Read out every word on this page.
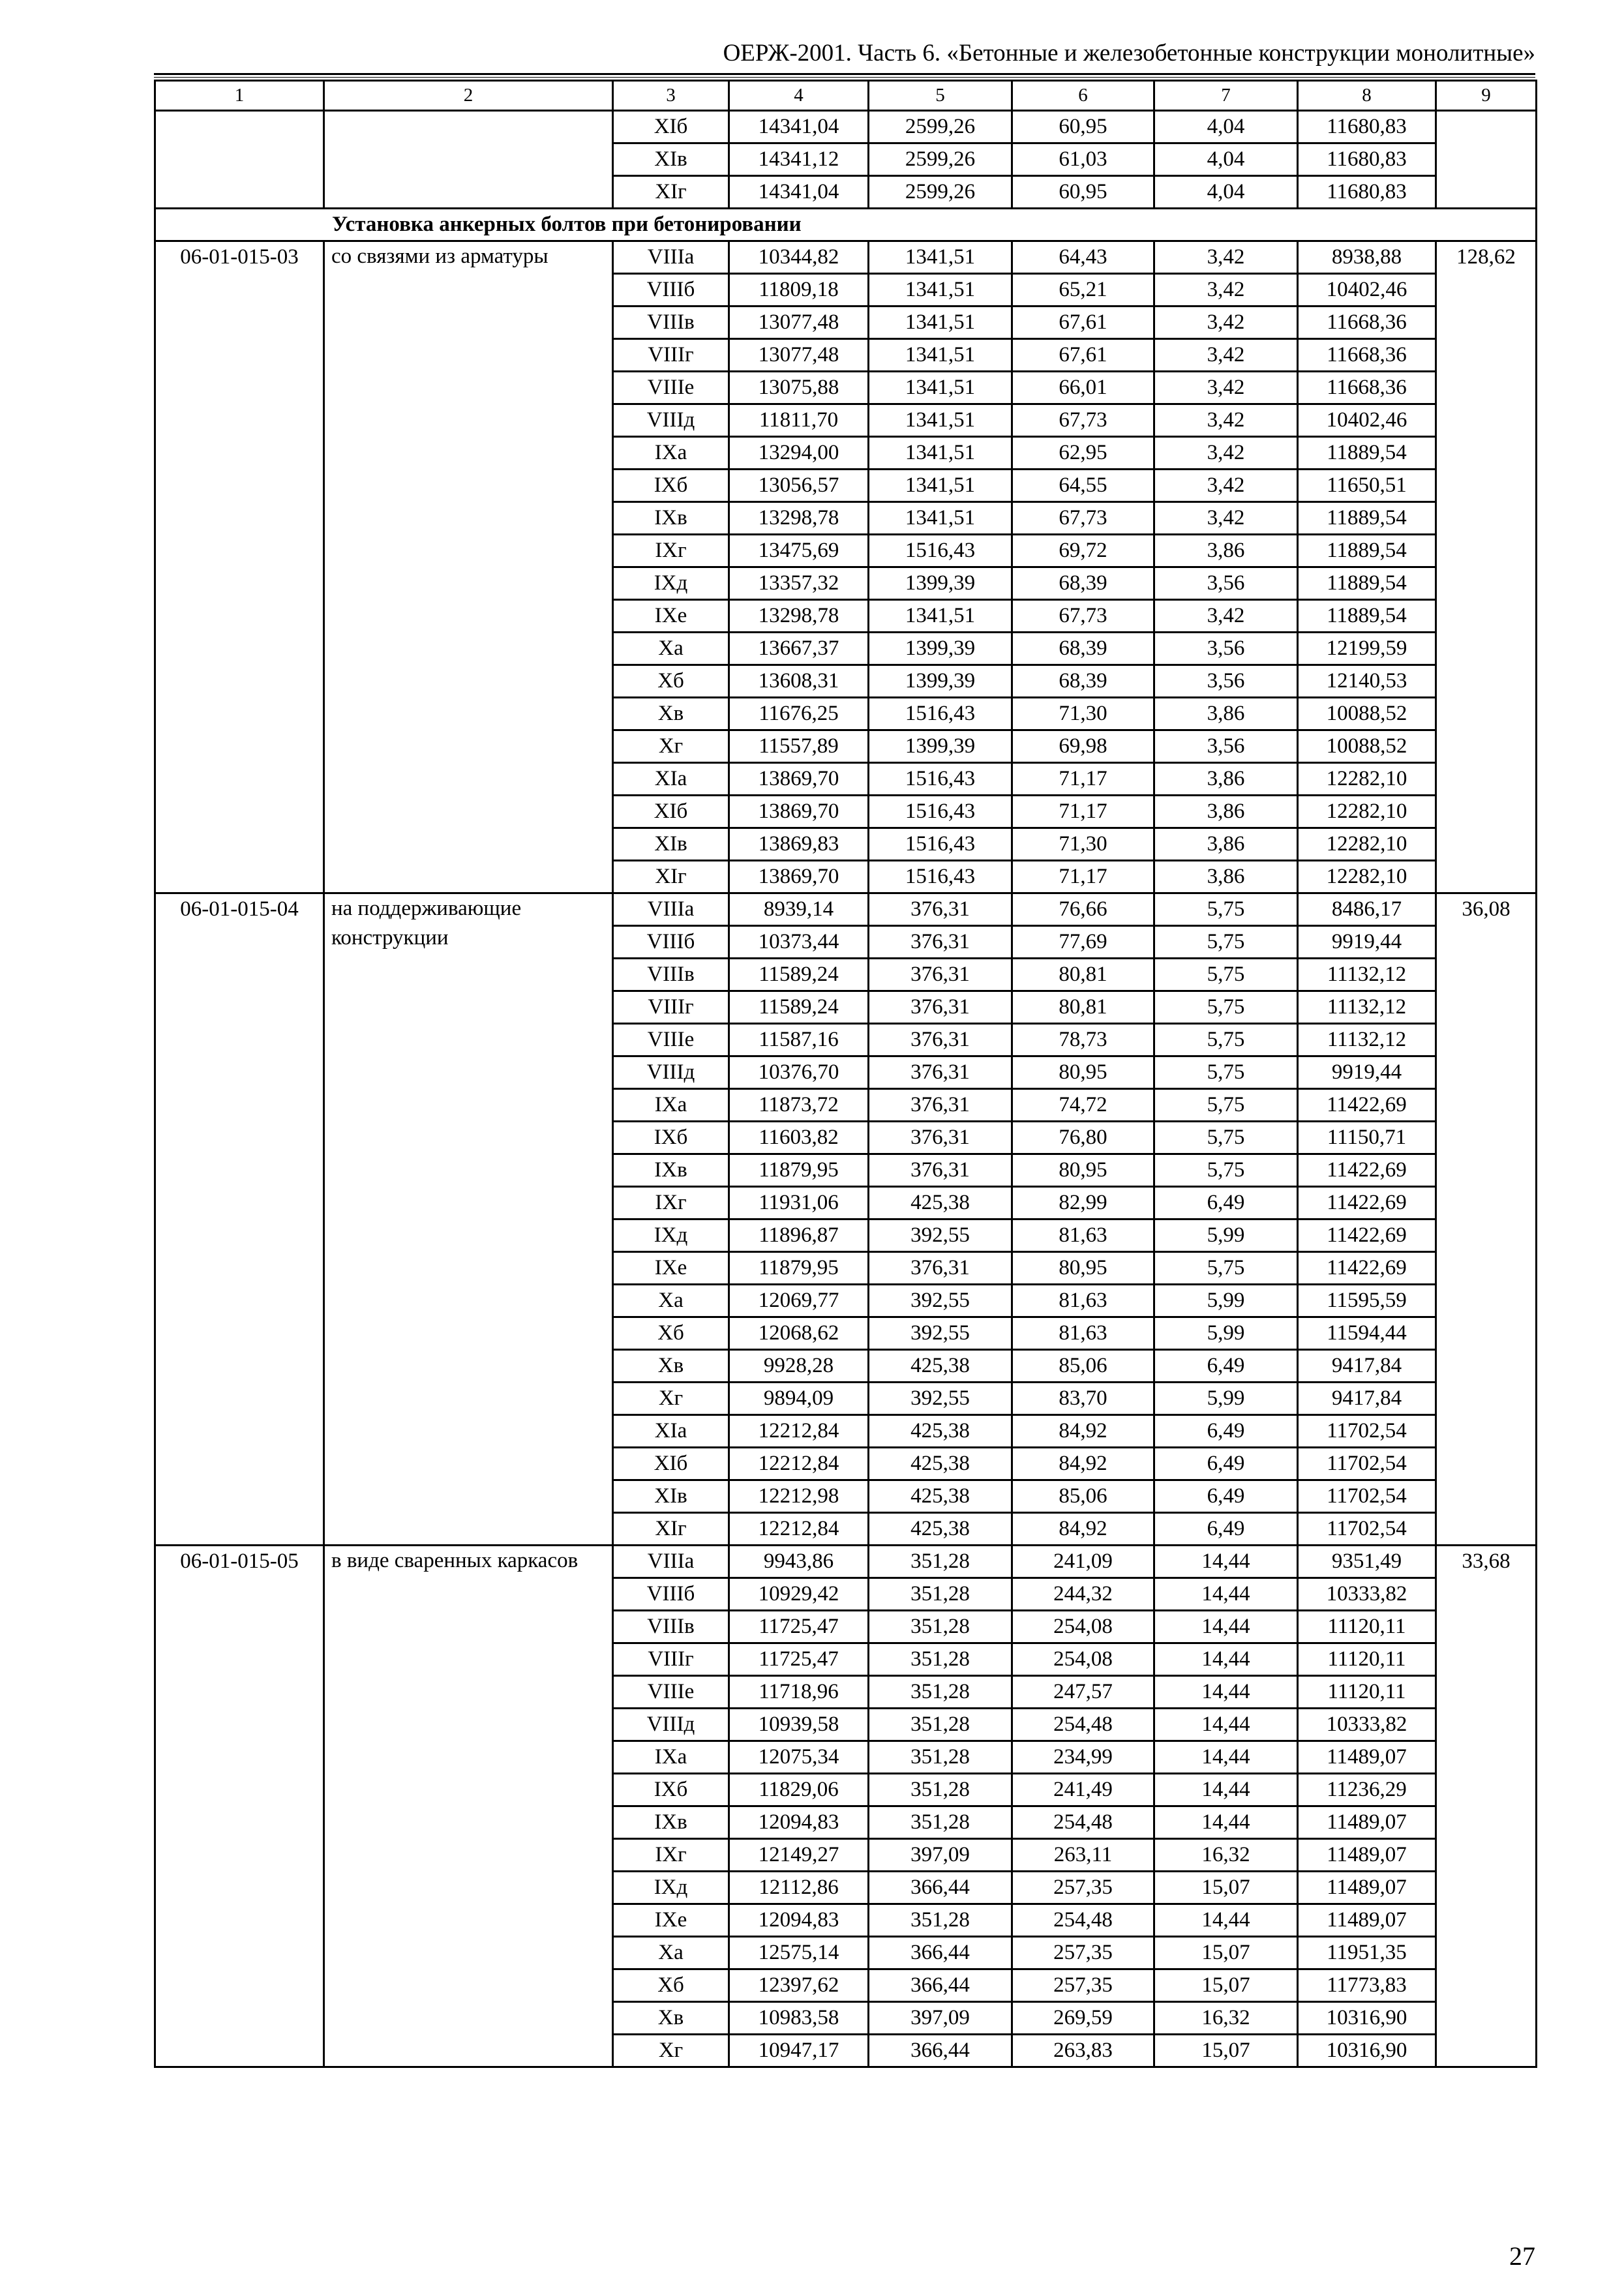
ОЕРЖ-2001. Часть 6. «Бетонные и железобетонные конструкции монолитные»
1	2	3	4	5	6	7	8	9
		XIб	14341,04	2599,26	60,95	4,04	11680,83	
		XIв	14341,12	2599,26	61,03	4,04	11680,83	
		XIг	14341,04	2599,26	60,95	4,04	11680,83	
Установка анкерных болтов при бетонировании								
06-01-015-03	со связями из арматуры	VIIIа	10344,82	1341,51	64,43	3,42	8938,88	128,62
		VIIIб	11809,18	1341,51	65,21	3,42	10402,46	
		VIIIв	13077,48	1341,51	67,61	3,42	11668,36	
		VIIIг	13077,48	1341,51	67,61	3,42	11668,36	
		VIIIе	13075,88	1341,51	66,01	3,42	11668,36	
		VIIIд	11811,70	1341,51	67,73	3,42	10402,46	
		IXа	13294,00	1341,51	62,95	3,42	11889,54	
		IXб	13056,57	1341,51	64,55	3,42	11650,51	
		IXв	13298,78	1341,51	67,73	3,42	11889,54	
		IXг	13475,69	1516,43	69,72	3,86	11889,54	
		IXд	13357,32	1399,39	68,39	3,56	11889,54	
		IXе	13298,78	1341,51	67,73	3,42	11889,54	
		Xа	13667,37	1399,39	68,39	3,56	12199,59	
		Xб	13608,31	1399,39	68,39	3,56	12140,53	
		Xв	11676,25	1516,43	71,30	3,86	10088,52	
		Xг	11557,89	1399,39	69,98	3,56	10088,52	
		XIа	13869,70	1516,43	71,17	3,86	12282,10	
		XIб	13869,70	1516,43	71,17	3,86	12282,10	
		XIв	13869,83	1516,43	71,30	3,86	12282,10	
		XIг	13869,70	1516,43	71,17	3,86	12282,10	
06-01-015-04	на поддерживающие конструкции	VIIIа	8939,14	376,31	76,66	5,75	8486,17	36,08
		VIIIб	10373,44	376,31	77,69	5,75	9919,44	
		VIIIв	11589,24	376,31	80,81	5,75	11132,12	
		VIIIг	11589,24	376,31	80,81	5,75	11132,12	
		VIIIе	11587,16	376,31	78,73	5,75	11132,12	
		VIIIд	10376,70	376,31	80,95	5,75	9919,44	
		IXа	11873,72	376,31	74,72	5,75	11422,69	
		IXб	11603,82	376,31	76,80	5,75	11150,71	
		IXв	11879,95	376,31	80,95	5,75	11422,69	
		IXг	11931,06	425,38	82,99	6,49	11422,69	
		IXд	11896,87	392,55	81,63	5,99	11422,69	
		IXе	11879,95	376,31	80,95	5,75	11422,69	
		Xа	12069,77	392,55	81,63	5,99	11595,59	
		Xб	12068,62	392,55	81,63	5,99	11594,44	
		Xв	9928,28	425,38	85,06	6,49	9417,84	
		Xг	9894,09	392,55	83,70	5,99	9417,84	
		XIа	12212,84	425,38	84,92	6,49	11702,54	
		XIб	12212,84	425,38	84,92	6,49	11702,54	
		XIв	12212,98	425,38	85,06	6,49	11702,54	
		XIг	12212,84	425,38	84,92	6,49	11702,54	
06-01-015-05	в виде сваренных каркасов	VIIIа	9943,86	351,28	241,09	14,44	9351,49	33,68
		VIIIб	10929,42	351,28	244,32	14,44	10333,82	
		VIIIв	11725,47	351,28	254,08	14,44	11120,11	
		VIIIг	11725,47	351,28	254,08	14,44	11120,11	
		VIIIе	11718,96	351,28	247,57	14,44	11120,11	
		VIIIд	10939,58	351,28	254,48	14,44	10333,82	
		IXа	12075,34	351,28	234,99	14,44	11489,07	
		IXб	11829,06	351,28	241,49	14,44	11236,29	
		IXв	12094,83	351,28	254,48	14,44	11489,07	
		IXг	12149,27	397,09	263,11	16,32	11489,07	
		IXд	12112,86	366,44	257,35	15,07	11489,07	
		IXе	12094,83	351,28	254,48	14,44	11489,07	
		Xа	12575,14	366,44	257,35	15,07	11951,35	
		Xб	12397,62	366,44	257,35	15,07	11773,83	
		Xв	10983,58	397,09	269,59	16,32	10316,90	
		Xг	10947,17	366,44	263,83	15,07	10316,90	
27
